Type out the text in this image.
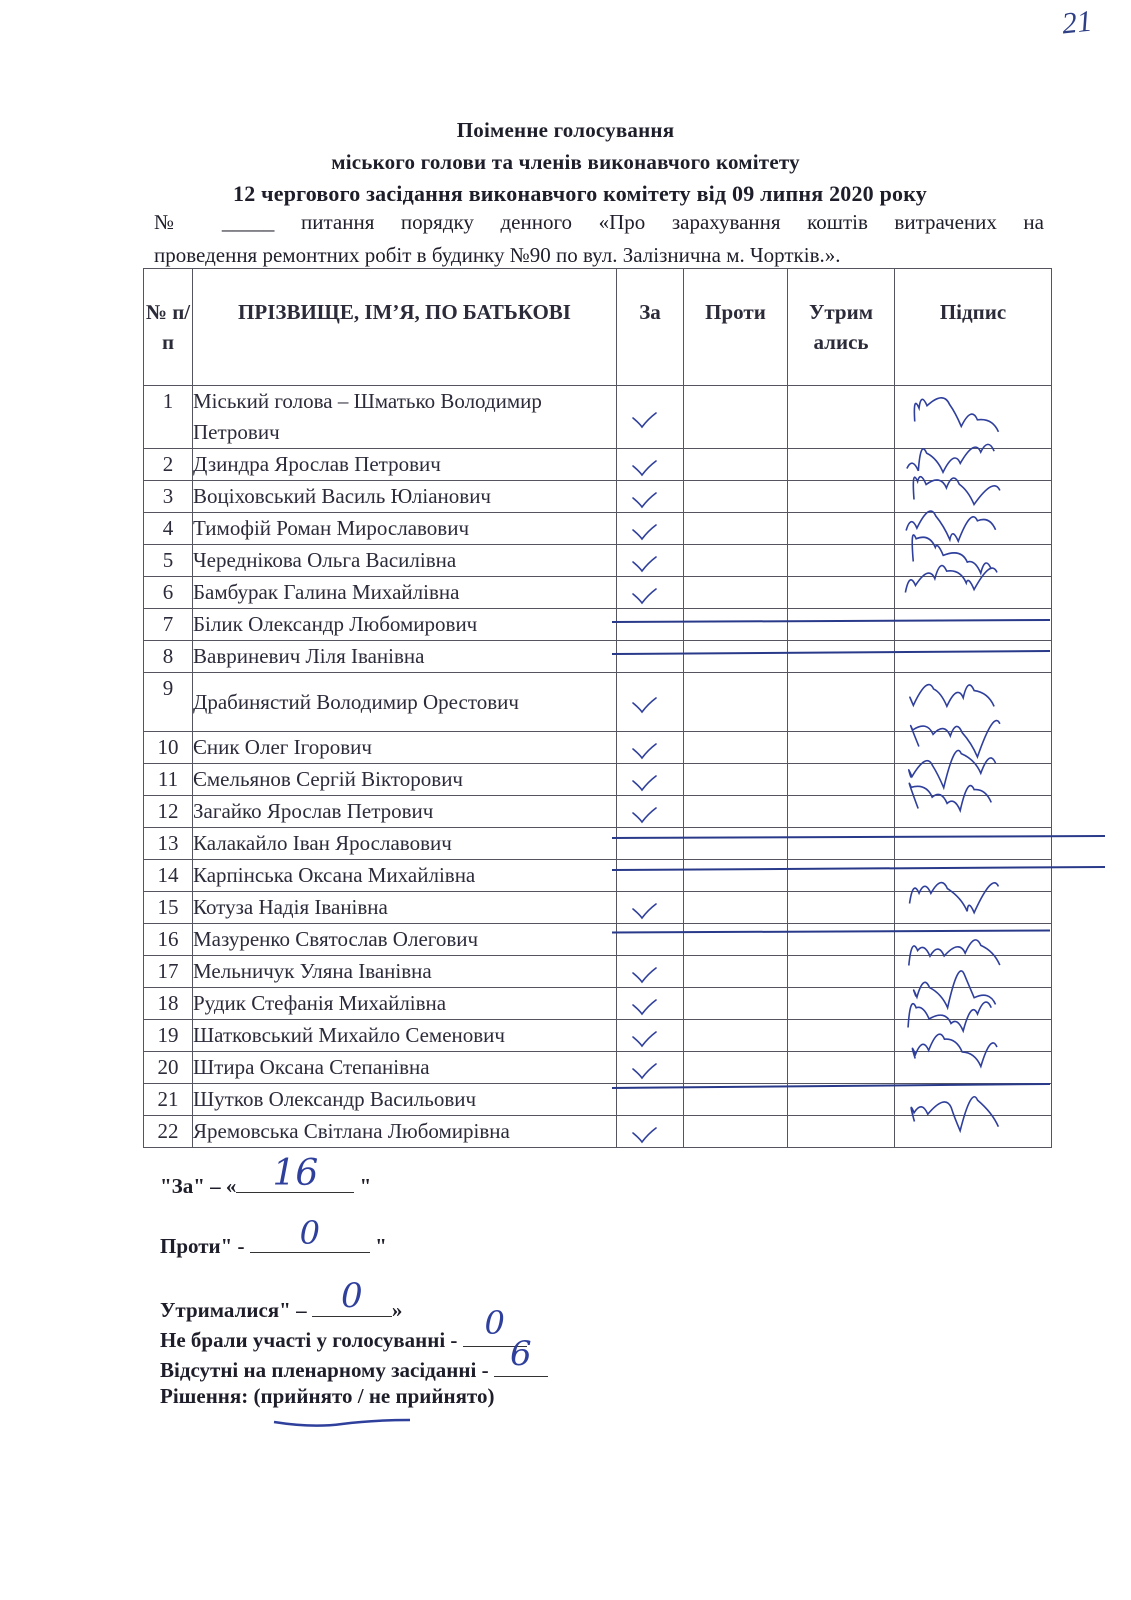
21
Поіменне голосування
міського голови та членів виконавчого комітету
12 чергового засідання виконавчого комітету від 09 липня 2020 року
№ _____ питання порядку денного «Про зарахування коштів витрачених на
проведення ремонтних робіт в будинку №90 по вул. Залізнична м. Чортків.».
№ п/п	ПРІЗВИЩЕ, ІМ’Я, ПО БАТЬКОВІ	За	Проти	Утрим ались	Підпис
1	Міський голова – Шматько Володимир Петрович	

2	Дзиндра Ярослав Петрович	

3	Воціховський Василь Юліанович	

4	Тимофій Роман Мирославович	

5	Череднікова Ольга Василівна	

6	Бамбурак Галина Михайлівна	

7	Білик Олександр Любомирович				
8	Вавриневич Ліля Іванівна				
9	Драбинястий Володимир Орестович	

10	Єник Олег Ігорович	

11	Ємельянов Сергій Вікторович	

12	Загайко Ярослав Петрович	

13	Калакайло Іван Ярославович				
14	Карпінська Оксана Михайлівна				
15	Котуза Надія Іванівна	

16	Мазуренко Святослав Олегович				
17	Мельничук Уляна Іванівна	

18	Рудик Стефанія Михайлівна	

19	Шатковський Михайло Семенович	

20	Штира Оксана Степанівна	

21	Шутков Олександр Васильович				
22	Яремовська Світлана Любомирівна	

"За" – «	16	"
Проти" -	0	"
Утрималися" – 0	»
Не брали участі у голосуванні - 0
Відсутні на пленарному засіданні - 6
Рішення: (прийнято / не прийнято)
